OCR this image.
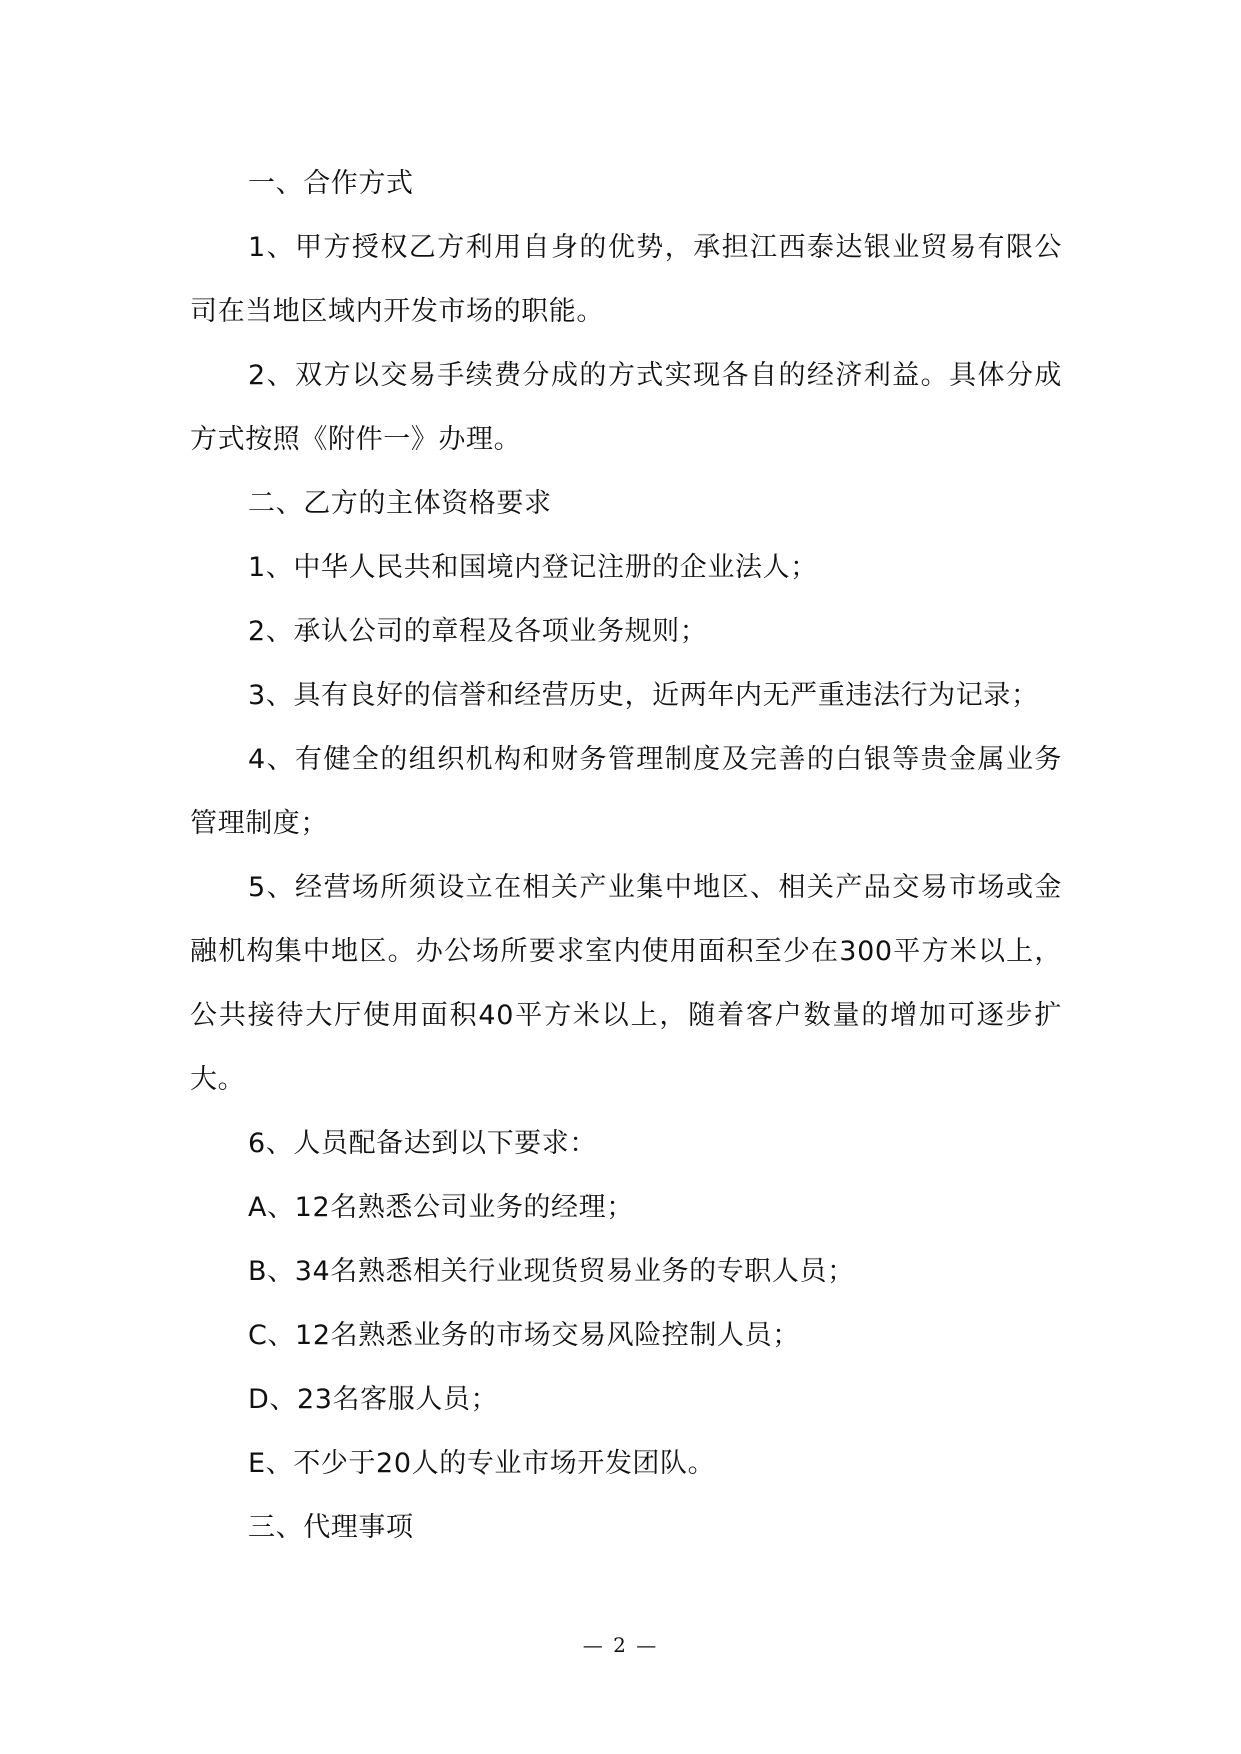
一、合作方式

1、甲方授权乙方利用自身的优势，承担江西泰达银业贸易有限公司在当地区域内开发市场的职能。

2、双方以交易手续费分成的方式实现各自的经济利益。具体分成方式按照《附件一》办理。

二、乙方的主体资格要求

1、中华人民共和国境内登记注册的企业法人；

2、承认公司的章程及各项业务规则；

3、具有良好的信誉和经营历史，近两年内无严重违法行为记录；

4、有健全的组织机构和财务管理制度及完善的白银等贵金属业务管理制度；

5、经营场所须设立在相关产业集中地区、相关产品交易市场或金融机构集中地区。办公场所要求室内使用面积至少在300平方米以上，公共接待大厅使用面积40平方米以上，随着客户数量的增加可逐步扩大。

6、人员配备达到以下要求：

A、12名熟悉公司业务的经理；

B、34名熟悉相关行业现货贸易业务的专职人员；

C、12名熟悉业务的市场交易风险控制人员；

D、23名客服人员；

E、不少于20人的专业市场开发团队。

三、代理事项

— 2 —
